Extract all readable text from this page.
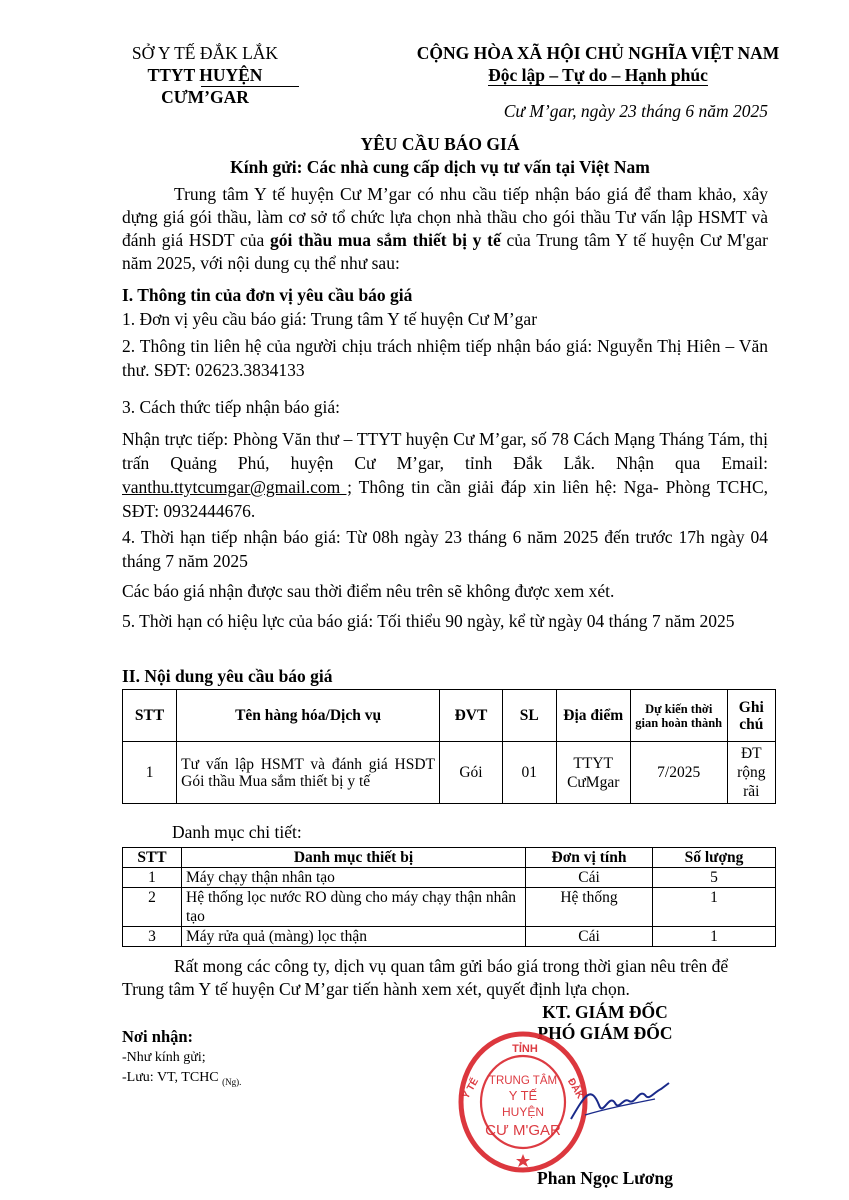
SỞ Y TẾ ĐẮK LẮK
TTYT HUYỆN CƯM’GAR
CỘNG HÒA XÃ HỘI CHỦ NGHĨA VIỆT NAM
Độc lập – Tự do – Hạnh phúc
Cư M’gar, ngày 23 tháng 6 năm 2025
YÊU CẦU BÁO GIÁ
Kính gửi: Các nhà cung cấp dịch vụ tư vấn tại Việt Nam
Trung tâm Y tế huyện Cư M’gar có nhu cầu tiếp nhận báo giá để tham khảo, xây dựng giá gói thầu, làm cơ sở tổ chức lựa chọn nhà thầu cho gói thầu Tư vấn lập HSMT và đánh giá HSDT của gói thầu mua sắm thiết bị y tế của Trung tâm Y tế huyện Cư M'gar năm 2025, với nội dung cụ thể như sau:
I. Thông tin của đơn vị yêu cầu báo giá
1. Đơn vị yêu cầu báo giá: Trung tâm Y tế huyện Cư M’gar
2. Thông tin liên hệ của người chịu trách nhiệm tiếp nhận báo giá: Nguyễn Thị Hiên – Văn thư. SĐT: 02623.3834133
3. Cách thức tiếp nhận báo giá:
Nhận trực tiếp: Phòng Văn thư – TTYT huyện Cư M’gar, số 78 Cách Mạng Tháng Tám, thị trấn Quảng Phú, huyện Cư M’gar, tỉnh Đắk Lắk. Nhận qua Email: vanthu.ttytcumgar@gmail.com ; Thông tin cần giải đáp xin liên hệ: Nga- Phòng TCHC, SĐT: 0932444676.
4. Thời hạn tiếp nhận báo giá: Từ 08h ngày 23 tháng 6 năm 2025 đến trước 17h ngày 04 tháng 7 năm 2025
Các báo giá nhận được sau thời điểm nêu trên sẽ không được xem xét.
5. Thời hạn có hiệu lực của báo giá: Tối thiểu 90 ngày, kể từ ngày 04 tháng 7 năm 2025
II. Nội dung yêu cầu báo giá
STT	Tên hàng hóa/Dịch vụ	ĐVT	SL	Địa điểm	Dự kiến thời gian hoàn thành	Ghi chú
1	Tư vấn lập HSMT và đánh giá HSDT Gói thầu Mua sắm thiết bị y tế	Gói	01	TTYT CưMgar	7/2025	ĐT rộng rãi
Danh mục chi tiết:
STT	Danh mục thiết bị	Đơn vị tính	Số lượng
1	Máy chạy thận nhân tạo	Cái	5
2	Hệ thống lọc nước RO dùng cho máy chạy thận nhân tạo	Hệ thống	1
3	Máy rửa quả (màng) lọc thận	Cái	1
Rất mong các công ty, dịch vụ quan tâm gửi báo giá trong thời gian nêu trên để Trung tâm Y tế huyện Cư M’gar tiến hành xem xét, quyết định lựa chọn.
KT. GIÁM ĐỐC
PHÓ GIÁM ĐỐC
Nơi nhận:
-Như kính gửi;
-Lưu: VT, TCHC $_{(Ng).}$
TỈNH
Y TẾ	ĐẮK
TRUNG TÂM
Y TẾ
HUYỆN
CƯ M'GAR
Phan Ngọc Lương
